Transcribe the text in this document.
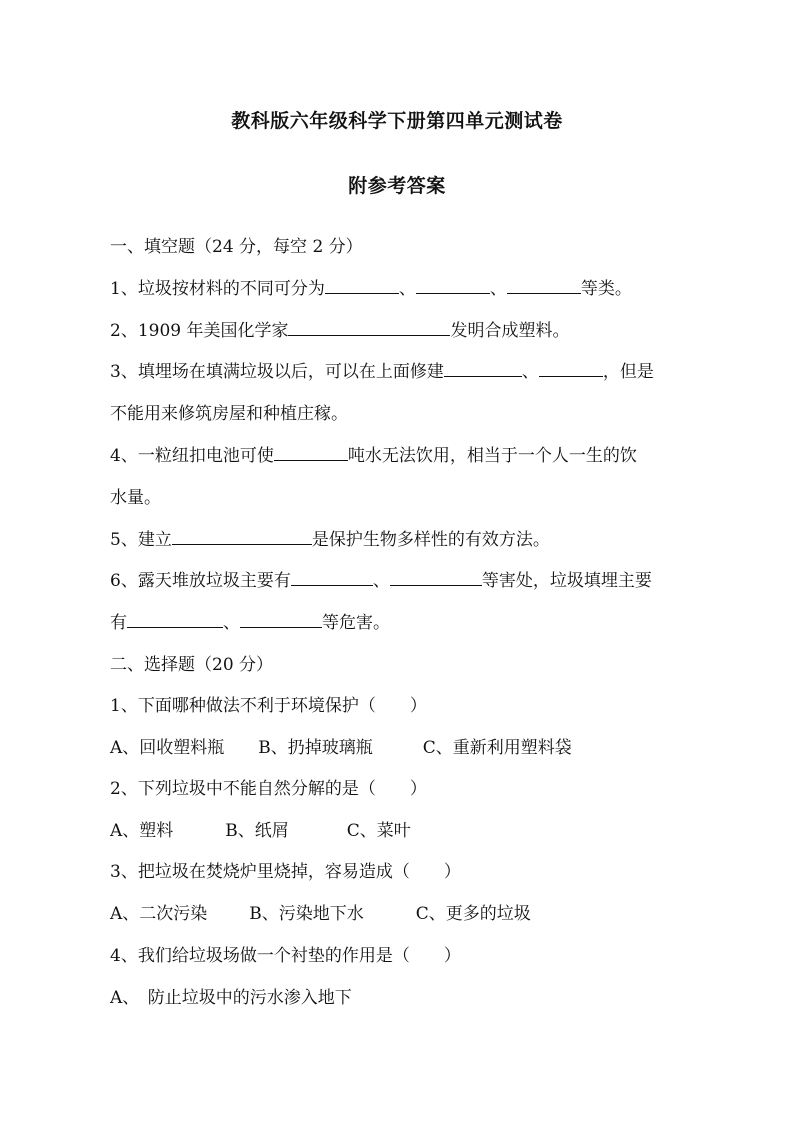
教科版六年级科学下册第四单元测试卷
附参考答案
一、填空题（24 分，每空 2 分）
1、垃圾按材料的不同可分为	、	、	等类。
2、1909 年美国化学家	发明合成塑料。
3、填埋场在填满垃圾以后，可以在上面修建	、	，但是
不能用来修筑房屋和种植庄稼。
4、一粒纽扣电池可使	吨水无法饮用，相当于一个人一生的饮
水量。
5、建立	是保护生物多样性的有效方法。
6、露天堆放垃圾主要有	、	等害处，垃圾填埋主要
有	、	等危害。
二、选择题（20 分）
1、下面哪种做法不利于环境保护（　　）
A、回收塑料瓶 B、扔掉玻璃瓶	C、重新利用塑料袋
2、下列垃圾中不能自然分解的是（　　）
A、塑料	B、纸屑	C、菜叶
3、把垃圾在焚烧炉里烧掉，容易造成（　　）
A、二次污染 B、污染地下水	C、更多的垃圾
4、我们给垃圾场做一个衬垫的作用是（　　）
A、　防止垃圾中的污水渗入地下
